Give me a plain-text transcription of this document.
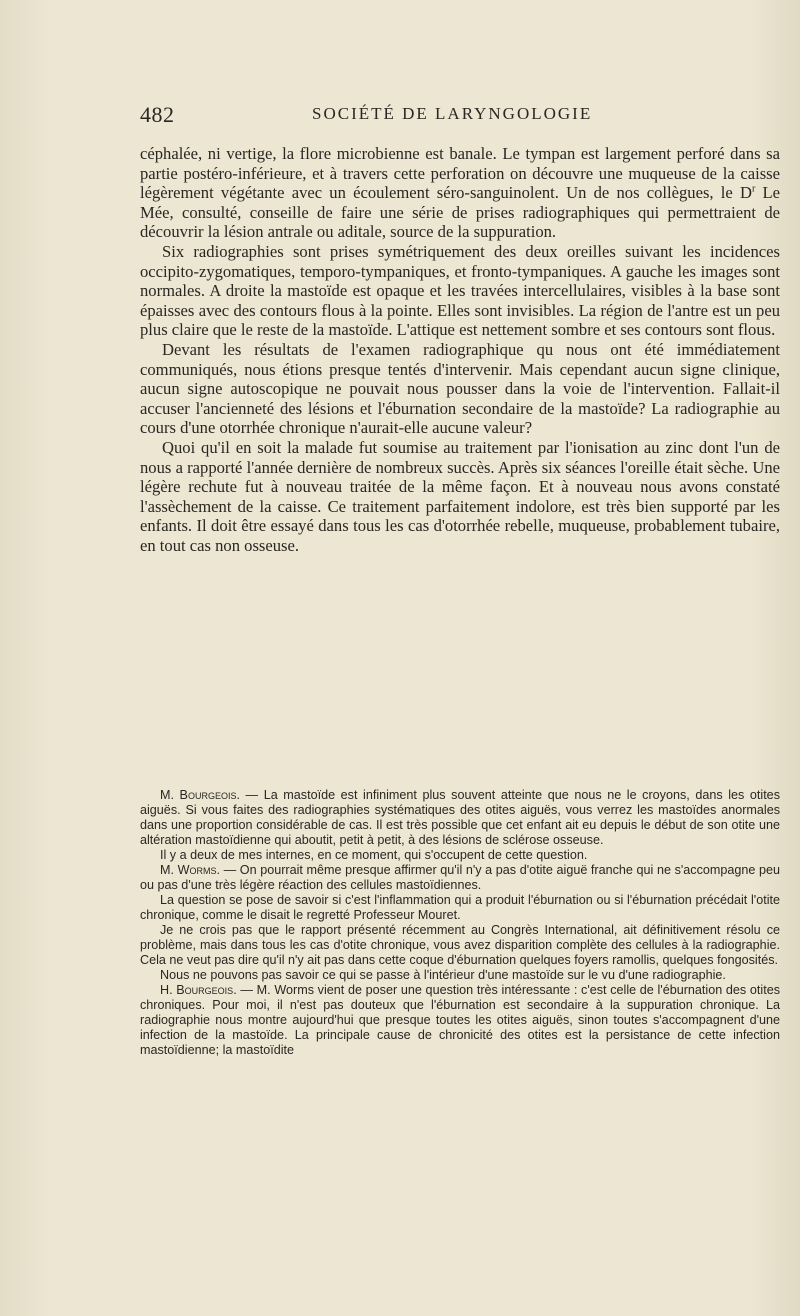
482	SOCIÉTÉ DE LARYNGOLOGIE

céphalée, ni vertige, la flore microbienne est banale. Le tympan est largement perforé dans sa partie postéro-inférieure, et à travers cette perforation on découvre une muqueuse de la caisse légèrement végétante avec un écoulement séro-sanguinolent. Un de nos collègues, le $D^r$ Le Mée, consulté, conseille de faire une série de prises radiographiques qui permettraient de découvrir la lésion antrale ou aditale, source de la suppuration.

Six radiographies sont prises symétriquement des deux oreilles suivant les incidences occipito-zygomatiques, temporo-tympaniques, et fronto-tympaniques. A gauche les images sont normales. A droite la mastoïde est opaque et les travées intercellulaires, visibles à la base sont épaisses avec des contours flous à la pointe. Elles sont invisibles. La région de l'antre est un peu plus claire que le reste de la mastoïde. L'attique est nettement sombre et ses contours sont flous.

Devant les résultats de l'examen radiographique qu nous ont été immédiatement communiqués, nous étions presque tentés d'intervenir. Mais cependant aucun signe clinique, aucun signe autoscopique ne pouvait nous pousser dans la voie de l'intervention. Fallait-il accuser l'ancienneté des lésions et l'éburnation secondaire de la mastoïde? La radiographie au cours d'une otorrhée chronique n'aurait-elle aucune valeur?

Quoi qu'il en soit la malade fut soumise au traitement par l'ionisation au zinc dont l'un de nous a rapporté l'année dernière de nombreux succès. Après six séances l'oreille était sèche. Une légère rechute fut à nouveau traitée de la même façon. Et à nouveau nous avons constaté l'assèchement de la caisse. Ce traitement parfaitement indolore, est très bien supporté par les enfants. Il doit être essayé dans tous les cas d'otorrhée rebelle, muqueuse, probablement tubaire, en tout cas non osseuse.

M. Bourgeois. — La mastoïde est infiniment plus souvent atteinte que nous ne le croyons, dans les otites aiguës. Si vous faites des radiographies systématiques des otites aiguës, vous verrez les mastoïdes anormales dans une proportion considérable de cas. Il est très possible que cet enfant ait eu depuis le début de son otite une altération mastoïdienne qui aboutit, petit à petit, à des lésions de sclérose osseuse.

Il y a deux de mes internes, en ce moment, qui s'occupent de cette question.

M. Worms. — On pourrait même presque affirmer qu'il n'y a pas d'otite aiguë franche qui ne s'accompagne peu ou pas d'une très légère réaction des cellules mastoïdiennes.

La question se pose de savoir si c'est l'inflammation qui a produit l'éburnation ou si l'éburnation précédait l'otite chronique, comme le disait le regretté Professeur Mouret.

Je ne crois pas que le rapport présenté récemment au Congrès International, ait définitivement résolu ce problème, mais dans tous les cas d'otite chronique, vous avez disparition complète des cellules à la radiographie. Cela ne veut pas dire qu'il n'y ait pas dans cette coque d'éburnation quelques foyers ramollis, quelques fongosités.

Nous ne pouvons pas savoir ce qui se passe à l'intérieur d'une mastoïde sur le vu d'une radiographie.

H. Bourgeois. — M. Worms vient de poser une question très intéressante : c'est celle de l'éburnation des otites chroniques. Pour moi, il n'est pas douteux que l'éburnation est secondaire à la suppuration chronique. La radiographie nous montre aujourd'hui que presque toutes les otites aiguës, sinon toutes s'accompagnent d'une infection de la mastoïde. La principale cause de chronicité des otites est la persistance de cette infection mastoïdienne; la mastoïdite
